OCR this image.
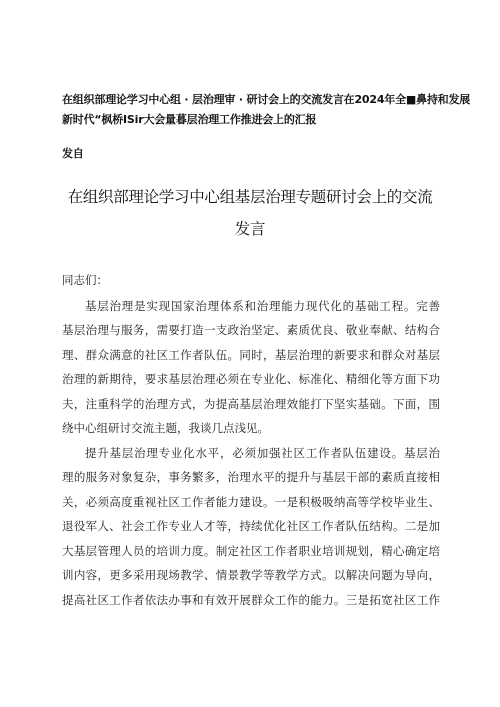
在组织部理论学习中心组 · 层治理审 · 研讨会上的交流发言在2024年全■鼻持和发展
新时代“枫桥ISir大会量暮层治理工作推进会上的汇报
发自
在组织部理论学习中心组基层治理专题研讨会上的交流
发言
同志们：
基层治理是实现国家治理体系和治理能力现代化的基础工程。完善
基层治理与服务，需要打造一支政治坚定、素质优良、敬业奉献、结构合
理、群众满意的社区工作者队伍。同时，基层治理的新要求和群众对基层
治理的新期待，要求基层治理必须在专业化、标准化、精细化等方面下功
夫，注重科学的治理方式，为提高基层治理效能打下坚实基础。下面，围
绕中心组研讨交流主题，我谈几点浅见。
提升基层治理专业化水平，必须加强社区工作者队伍建设。基层治
理的服务对象复杂，事务繁多，治理水平的提升与基层干部的素质直接相
关，必须高度重视社区工作者能力建设。一是积极吸纳高等学校毕业生、
退役军人、社会工作专业人才等，持续优化社区工作者队伍结构。二是加
大基层管理人员的培训力度。制定社区工作者职业培训规划，精心确定培
训内容，更多采用现场教学、情景教学等教学方式。以解决问题为导向，
提高社区工作者依法办事和有效开展群众工作的能力。三是拓宽社区工作
